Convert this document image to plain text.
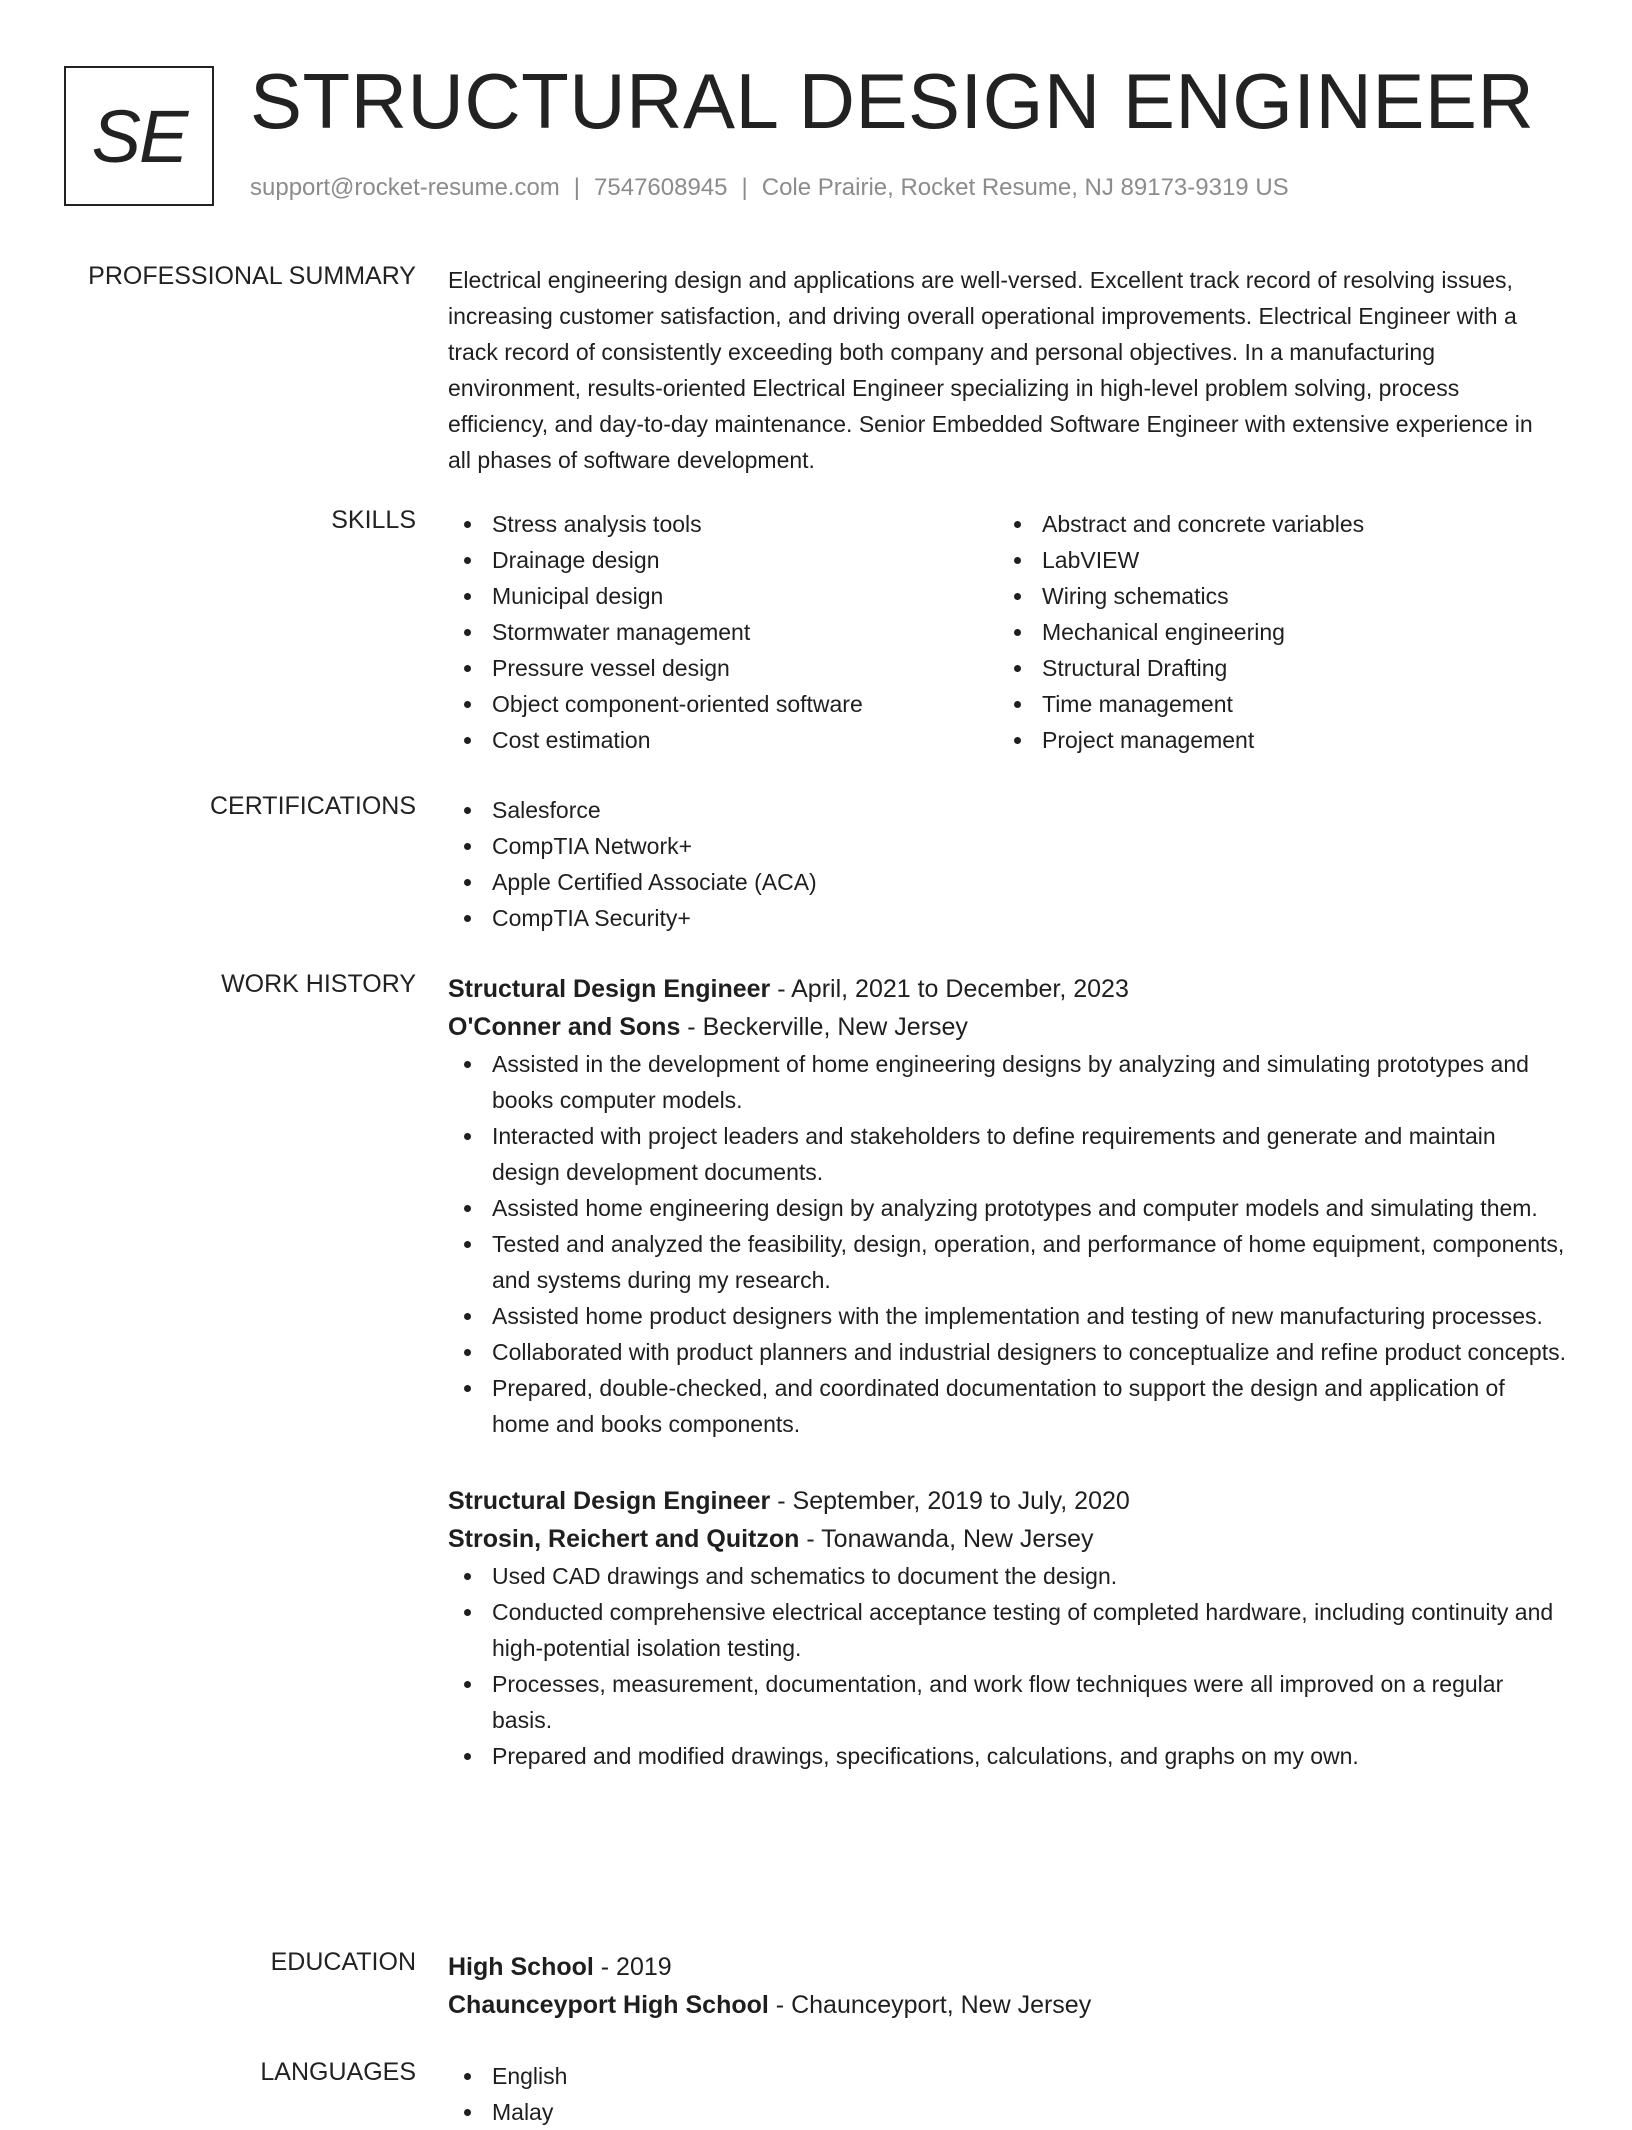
SE STRUCTURAL DESIGN ENGINEER
support@rocket-resume.com | 7547608945 | Cole Prairie, Rocket Resume, NJ 89173-9319 US
PROFESSIONAL SUMMARY Electrical engineering design and applications are well-versed. Excellent track record of resolving issues, increasing customer satisfaction, and driving overall operational improvements. Electrical Engineer with a track record of consistently exceeding both company and personal objectives. In a manufacturing environment, results-oriented Electrical Engineer specializing in high-level problem solving, process efficiency, and day-to-day maintenance. Senior Embedded Software Engineer with extensive experience in all phases of software development.

SKILLS	Stress analysis tools
Drainage design
Municipal design
Stormwater management
Pressure vessel design
Object component-oriented software
Cost estimation
Abstract and concrete variables
LabVIEW
Wiring schematics
Mechanical engineering
Structural Drafting
Time management
Project management
CERTIFICATIONS	Salesforce
CompTIA Network+
Apple Certified Associate (ACA)
CompTIA Security+
WORK HISTORY Structural Design Engineer - April, 2021 to December, 2023
O'Conner and Sons - Beckerville, New Jersey
Assisted in the development of home engineering designs by analyzing and simulating prototypes and books computer models.
Interacted with project leaders and stakeholders to define requirements and generate and maintain design development documents.
Assisted home engineering design by analyzing prototypes and computer models and simulating them.
Tested and analyzed the feasibility, design, operation, and performance of home equipment, components, and systems during my research.
Assisted home product designers with the implementation and testing of new manufacturing processes.
Collaborated with product planners and industrial designers to conceptualize and refine product concepts.
Prepared, double-checked, and coordinated documentation to support the design and application of home and books components.
Structural Design Engineer - September, 2019 to July, 2020
Strosin, Reichert and Quitzon - Tonawanda, New Jersey
Used CAD drawings and schematics to document the design.
Conducted comprehensive electrical acceptance testing of completed hardware, including continuity and high-potential isolation testing.
Processes, measurement, documentation, and work flow techniques were all improved on a regular basis.
Prepared and modified drawings, specifications, calculations, and graphs on my own.
EDUCATION High School - 2019
Chaunceyport High School - Chaunceyport, New Jersey
LANGUAGES	English
Malay
